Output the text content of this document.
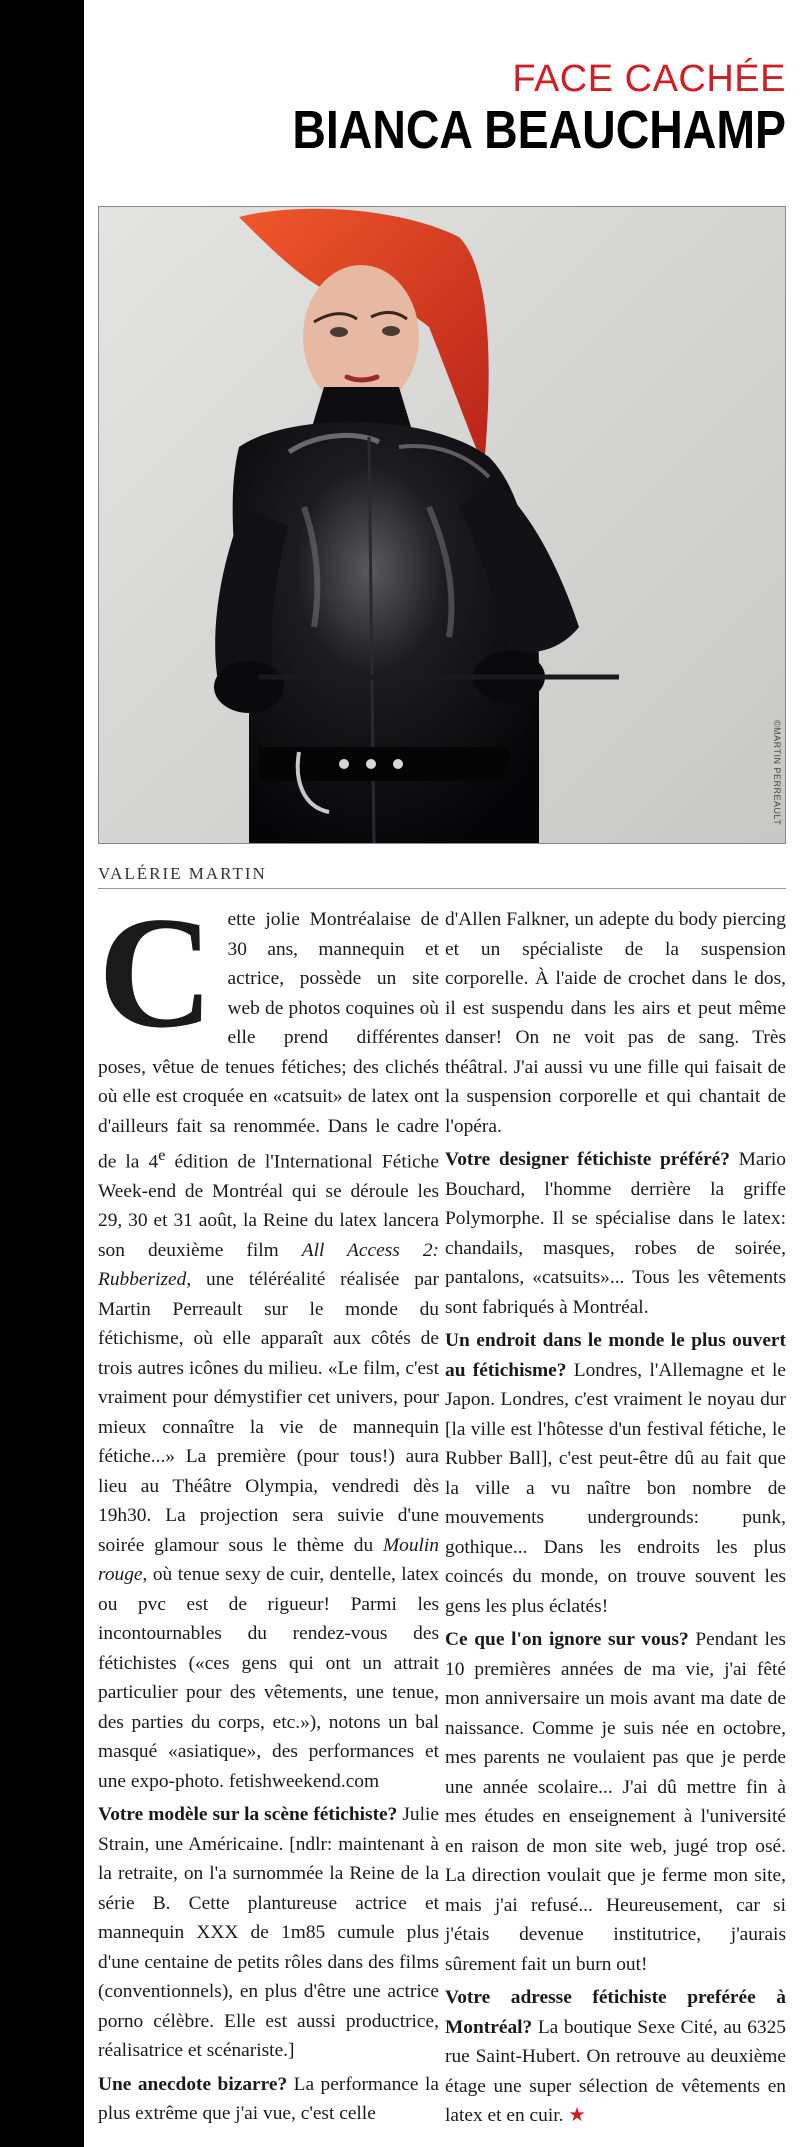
FACE CACHÉE
BIANCA BEAUCHAMP
©MARTIN PERREAULT
VALÉRIE MARTIN

Cette jolie Montréalaise de 30 ans, mannequin et actrice, possède un site web de photos coquines où elle prend différentes poses, vêtue de tenues fétiches; des clichés où elle est croquée en «catsuit» de latex ont d'ailleurs fait sa renommée. Dans le cadre de la 4e édition de l'International Fétiche Week-end de Montréal qui se déroule les 29, 30 et 31 août, la Reine du latex lancera son deuxième film All Access 2: Rubberized, une téléréalité réalisée par Martin Perreault sur le monde du fétichisme, où elle apparaît aux côtés de trois autres icônes du milieu. «Le film, c'est vraiment pour démystifier cet univers, pour mieux connaître la vie de mannequin fétiche...» La première (pour tous!) aura lieu au Théâtre Olympia, vendredi dès 19h30. La projection sera suivie d'une soirée glamour sous le thème du Moulin rouge, où tenue sexy de cuir, dentelle, latex ou pvc est de rigueur! Parmi les incontournables du rendez-vous des fétichistes («ces gens qui ont un attrait particulier pour des vêtements, une tenue, des parties du corps, etc.»), notons un bal masqué «asiatique», des performances et une expo-photo. fetishweekend.com

Votre modèle sur la scène fétichiste? Julie Strain, une Américaine. [ndlr: maintenant à la retraite, on l'a surnommée la Reine de la série B. Cette plantureuse actrice et mannequin XXX de 1m85 cumule plus d'une centaine de petits rôles dans des films (conventionnels), en plus d'être une actrice porno célèbre. Elle est aussi productrice, réalisatrice et scénariste.]

Une anecdote bizarre? La performance la plus extrême que j'ai vue, c'est celle

d'Allen Falkner, un adepte du body piercing et un spécialiste de la suspension corporelle. À l'aide de crochet dans le dos, il est suspendu dans les airs et peut même danser! On ne voit pas de sang. Très théâtral. J'ai aussi vu une fille qui faisait de la suspension corporelle et qui chantait de l'opéra.

Votre designer fétichiste préféré? Mario Bouchard, l'homme derrière la griffe Polymorphe. Il se spécialise dans le latex: chandails, masques, robes de soirée, pantalons, «catsuits»... Tous les vêtements sont fabriqués à Montréal.

Un endroit dans le monde le plus ouvert au fétichisme? Londres, l'Allemagne et le Japon. Londres, c'est vraiment le noyau dur [la ville est l'hôtesse d'un festival fétiche, le Rubber Ball], c'est peut-être dû au fait que la ville a vu naître bon nombre de mouvements undergrounds: punk, gothique... Dans les endroits les plus coincés du monde, on trouve souvent les gens les plus éclatés!

Ce que l'on ignore sur vous? Pendant les 10 premières années de ma vie, j'ai fêté mon anniversaire un mois avant ma date de naissance. Comme je suis née en octobre, mes parents ne voulaient pas que je perde une année scolaire... J'ai dû mettre fin à mes études en enseignement à l'université en raison de mon site web, jugé trop osé. La direction voulait que je ferme mon site, mais j'ai refusé... Heureusement, car si j'étais devenue institutrice, j'aurais sûrement fait un burn out!

Votre adresse fétichiste preférée à Montréal? La boutique Sexe Cité, au 6325 rue Saint-Hubert. On retrouve au deuxième étage une super sélection de vêtements en latex et en cuir. ★
